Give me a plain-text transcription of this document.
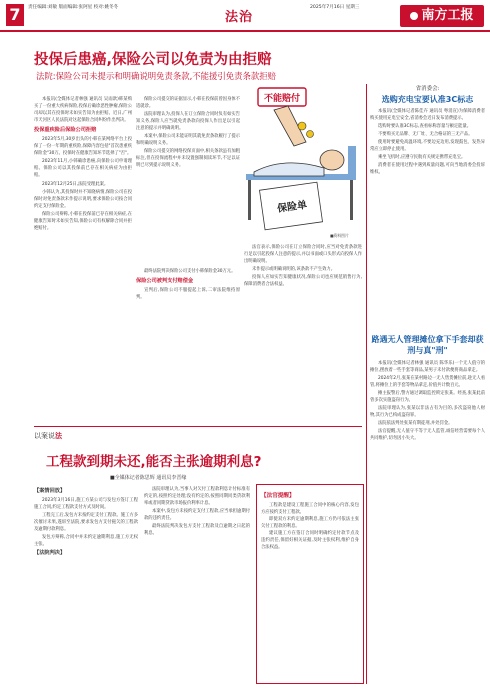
7	责任编辑:刘敏 版面编辑:张阿星 校对:姚冬冬
法治
2025年7月16日 星期三
南方工报
投保后患癌,保险公司以免责为由拒赔
法院:保险公司未提示和明确说明免责条款,不能援引免责条款拒赔

本报讯(全媒体记者林强 通讯员 吴雨歆)韩某购买了一份重大疾病保险,投保后确诊恶性肿瘤,保险公司却以其在投保时未如实告知为由拒赔。近日,广州市天河区人民法院对这起保险合同纠纷作出判决。

投保重疾险后保险公司拒赔

2023年5月,30岁出头的小韩在某网络平台上投保了一份一年期的重疾险,保障内容包括"首次患重疾保险金"30万。投保时在健康告知环节选择了"否"。

2023年11月,小韩确诊患癌,向保险公司申请理赔。保险公司以其投保前已存在相关病症为由拒赔。

2023年12月25日,法院受理此案。

小韩认为,其投保时并不知晓病情,保险公司在投保时对免责条款未作提示说明,要求保险公司按合同约定支付保险金。

保险公司辩称,小韩在投保前已存在相关病症,在健康告知时未如实告知,保险公司有权解除合同并拒绝赔付。

保险公司提交的证据显示,小韩在投保前曾因身体不适就诊。

法院审理认为,投保人在订立保险合同时负有如实告知义务,保险人应当就免责条款向投保人作出足以引起注意的提示并明确说明。

本案中,保险公司未能证明其就免责条款履行了提示和明确说明义务。

保险公司提交的网络投保页面中,相关条款虽有加粗标注,但在投保流程中并未设置强制阅读环节,不足以证明已尽到提示说明义务。

最终法院判决保险公司支付小韩保险金30万元。

保险公司被判支付赔偿金

宣判后,保险公司不服提起上诉,二审法院维持原判。

法官表示,保险公司在订立保险合同时,应当对免责条款进行足以引起投保人注意的提示,并以书面或口头形式向投保人作出明确说明。

未作提示或明确说明的,该条款不产生效力。

投保人应如实告知健康状况,保险公司也应规范销售行为,保障消费者合法权益。

不能赔付
保险单
■资料图片
省消委会:
选购充电宝要认准3C标志

本报讯(全媒体记者陈佳卉 通讯员 粤消宣)为保障消费者购买使用充电宝安全,省消委会近日发布消费提示。

选购时要认准3C标志,查看标称容量与额定能量。

不要购买无品牌、无厂址、无合格证的三无产品。

使用时要避免高温环境,不要边充边用,发现鼓包、发热异常应立即停止使用。

乘坐飞机时,应遵守民航有关规定携带充电宝。

消费者在使用过程中遇到质量问题,可向当地消委会投诉维权。

路遇无人管理摊位拿下手套却获刑与真"刑"

本报讯(全媒体记者林强 通讯员 陈华乐)一个无人值守的摊位,摆放着一些手套等商品,某男子未付款便将商品拿走。

2024年2月,张某在某村路边一无人售货摊位前,趁无人看管,将摊位上的手套等物品拿走,价值共计数百元。

摊主报警后,警方通过调取监控锁定张某。经查,张某此前曾多次实施盗窃行为。

法院审理认为,张某以非法占有为目的,多次盗窃他人财物,其行为已构成盗窃罪。

法院依法判处张某有期徒刑,并处罚金。

法官提醒,无人值守不等于无人监管,诚信经营需要每个人共同维护,切勿因小失大。

以案说法
工程款到期未还,能否主张逾期利息?
■全媒体记者陈思辉 通讯员李晋缘
【案情回放】

2023年3月16日,施工方某公司与发包方签订工程施工合同,约定工程款支付方式及时间。

工程完工后,发包方未按约定支付工程款。施工方多次催讨未果,遂诉至法院,要求发包方支付拖欠的工程款及逾期付款利息。

发包方辩称,合同中并未约定逾期利息,施工方无权主张。

【法院判决】

法院审理认为,当事人对欠付工程款利息计付标准有约定的,按照约定处理;没有约定的,按照同期同类贷款利率或者同期贷款市场报价利率计息。

本案中,发包方未按约定支付工程款,应当承担逾期付款的违约责任。

最终法院判决发包方支付工程款及自逾期之日起的利息。

【法官提醒】

工程款是建设工程施工合同中的核心内容,发包方应按约支付工程款。

即使双方未约定逾期利息,施工方仍可依法主张欠付工程款的利息。

建议施工方在签订合同时明确约定付款节点及违约责任,保留好相关证据,及时主张权利,维护自身合法权益。
